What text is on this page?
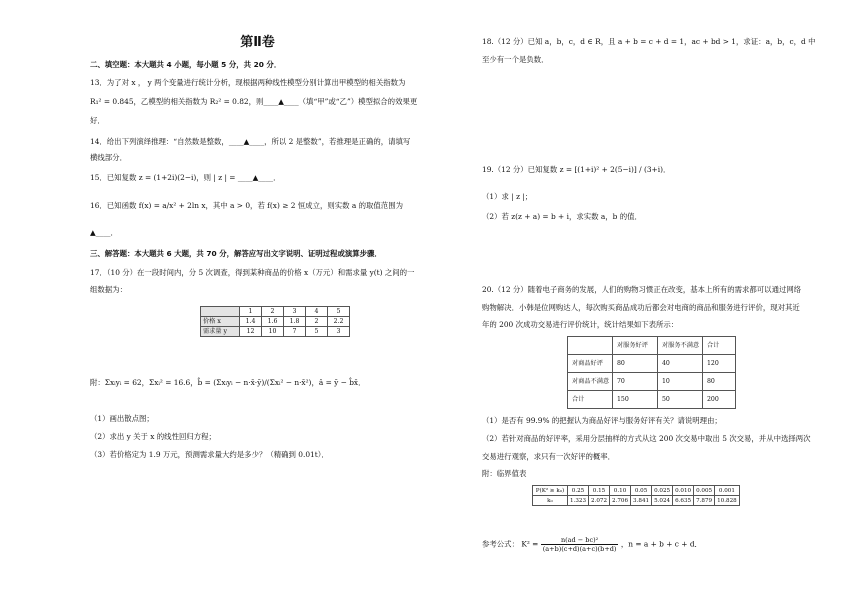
第Ⅱ卷
二、填空题：本大题共 4 小题，每小题 5 分，共 20 分．
13．为了对 x ， y 两个变量进行统计分析，现根据两种线性模型分别计算出甲模型的相关指数为
R₁² = 0.845，乙模型的相关指数为 R₂² = 0.82，则____▲____（填“甲”或“乙”）模型拟合的效果更
好．
14．给出下列演绎推理：“自然数是整数，____▲____，所以 2 是整数”，若推理是正确的，请填写
横线部分．
15．已知复数 z = (1+2i)(2−i)，则 | z | = ____▲____．
16．已知函数 f(x) = a/x² + 2ln x，其中 a > 0，若 f(x) ≥ 2 恒成立，则实数 a 的取值范围为
▲____．
三、解答题：本大题共 6 大题，共 70 分，解答应写出文字说明、证明过程或演算步骤．
17．（10 分）在一段时间内，分 5 次调查，得到某种商品的价格 x（万元）和需求量 y(t) 之间的一
组数据为：
	1	2	3	4	5
价格 x	1.4	1.6	1.8	2	2.2
需求量 y	12	10	7	5	3
附：Σxᵢyᵢ = 62，Σxᵢ² = 16.6，b̂ = (Σxᵢyᵢ − n·x̄·ȳ)/(Σxᵢ² − n·x̄²)，â = ȳ − b̂x̄．
（1）画出散点图；
（2）求出 y 关于 x 的线性回归方程；
（3）若价格定为 1.9 万元，预测需求量大约是多少？（精确到 0.01t）．
18.（12 分）已知 a，b，c，d ∈ R，且 a + b = c + d = 1，ac + bd > 1，求证：a，b，c，d 中
至少有一个是负数．
19.（12 分）已知复数 z = [(1+i)² + 2(5−i)] / (3+i)．
（1）求 | z |；
（2）若 z(z + a) = b + i，求实数 a，b 的值．
20.（12 分）随着电子商务的发展，人们的购物习惯正在改变，基本上所有的需求都可以通过网络
购物解决．小韩是位网购达人，每次购买商品成功后都会对电商的商品和服务进行评价，现对其近
年的 200 次成功交易进行评价统计，统计结果如下表所示：
	对服务好评	对服务不满意	合计
对商品好评	80	40	120
对商品不满意	70	10	80
合计	150	50	200
（1）是否有 99.9% 的把握认为商品好评与服务好评有关？请说明理由；
（2）若针对商品的好评率，采用分层抽样的方式从这 200 次交易中取出 5 次交易，并从中选择两次
交易进行观察，求只有一次好评的概率．
附：临界值表
P(K² ≥ k₀)	0.25	0.15	0.10	0.05	0.025	0.010	0.005	0.001
k₀	1.323	2.072	2.706	3.841	5.024	6.635	7.879	10.828
参考公式： $K^2 = \frac{\text{n(ad − bc)²}}{(a+b)(c+d)(a+c)(b+d)}$ ，n = a + b + c + d．
